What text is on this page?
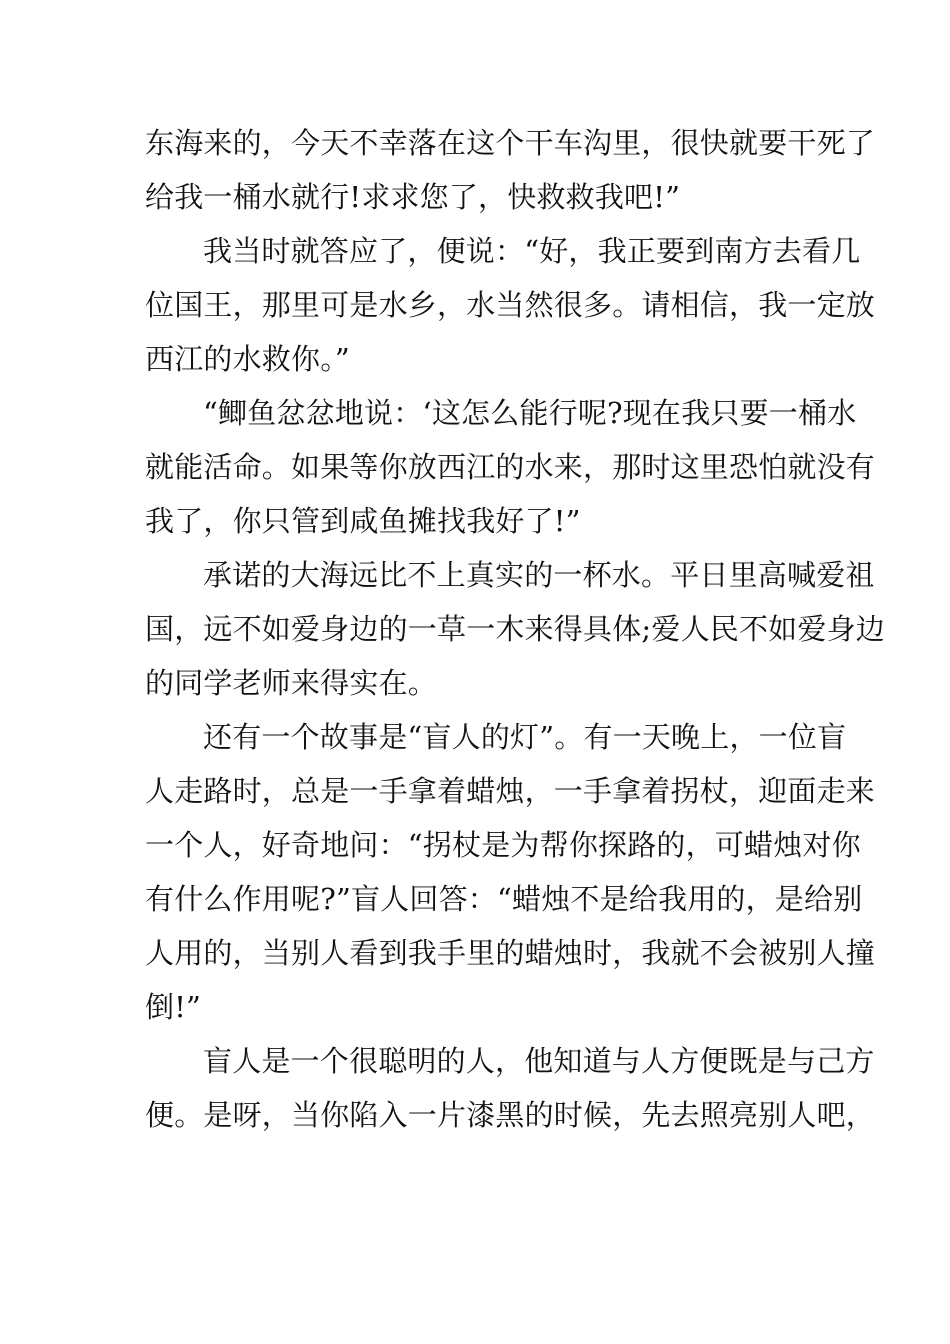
东海来的，今天不幸落在这个干车沟里，很快就要干死了
给我一桶水就行!求求您了，快救救我吧!”
我当时就答应了，便说：“好，我正要到南方去看几
位国王，那里可是水乡，水当然很多。请相信，我一定放
西江的水救你。”
“鲫鱼忿忿地说：‘这怎么能行呢?现在我只要一桶水
就能活命。如果等你放西江的水来，那时这里恐怕就没有
我了，你只管到咸鱼摊找我好了!”
承诺的大海远比不上真实的一杯水。平日里高喊爱祖
国，远不如爱身边的一草一木来得具体;爱人民不如爱身边
的同学老师来得实在。
还有一个故事是“盲人的灯”。有一天晚上，一位盲
人走路时，总是一手拿着蜡烛，一手拿着拐杖，迎面走来
一个人，好奇地问：“拐杖是为帮你探路的，可蜡烛对你
有什么作用呢?”盲人回答：“蜡烛不是给我用的，是给别
人用的，当别人看到我手里的蜡烛时，我就不会被别人撞
倒!”
盲人是一个很聪明的人，他知道与人方便既是与己方
便。是呀，当你陷入一片漆黑的时候，先去照亮别人吧，
